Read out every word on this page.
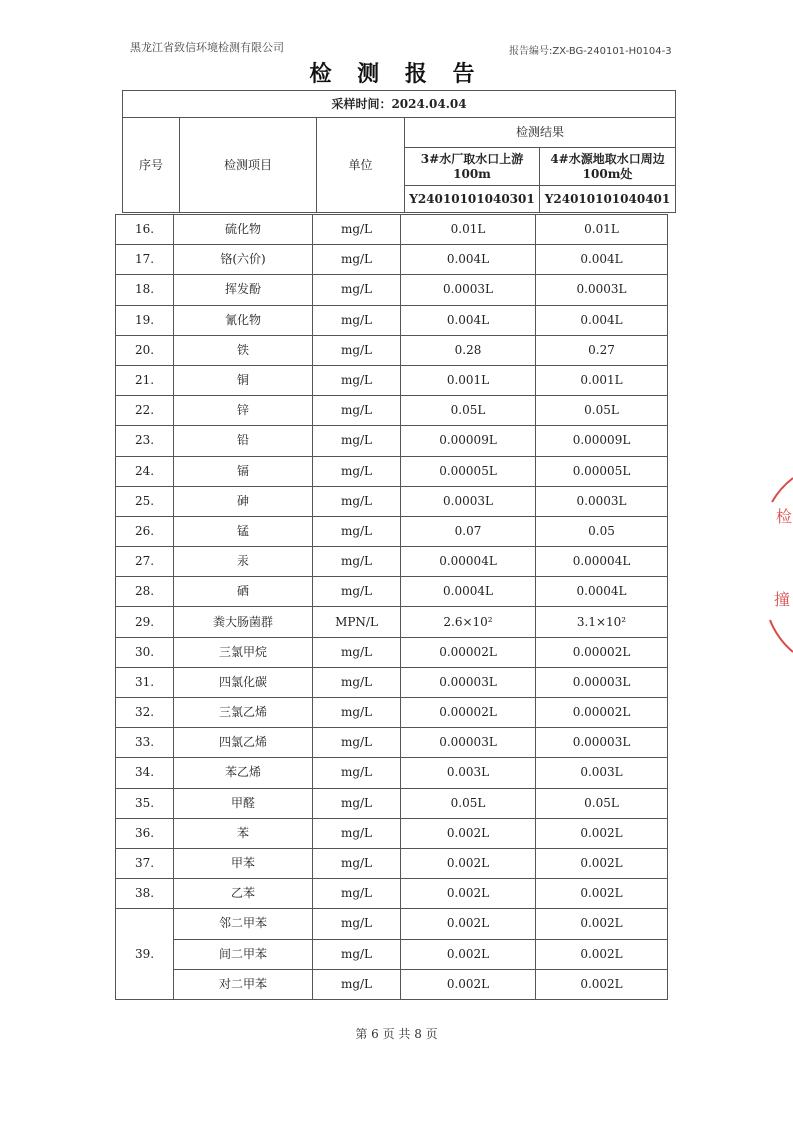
黑龙江省致信环境检测有限公司	报告编号:ZX-BG-240101-H0104-3
检 测 报 告
采样时间：2024.04.04				
序号	检测项目	单位	检测结果	
			3#水厂取水口上游100m	4#水源地取水口周边100m处
			Y24010101040301	Y24010101040401
16.	硫化物	mg/L	0.01L	0.01L
17.	铬(六价)	mg/L	0.004L	0.004L
18.	挥发酚	mg/L	0.0003L	0.0003L
19.	氰化物	mg/L	0.004L	0.004L
20.	铁	mg/L	0.28	0.27
21.	铜	mg/L	0.001L	0.001L
22.	锌	mg/L	0.05L	0.05L
23.	铅	mg/L	0.00009L	0.00009L
24.	镉	mg/L	0.00005L	0.00005L
25.	砷	mg/L	0.0003L	0.0003L
26.	锰	mg/L	0.07	0.05
27.	汞	mg/L	0.00004L	0.00004L
28.	硒	mg/L	0.0004L	0.0004L
29.	粪大肠菌群	MPN/L	2.6×10²	3.1×10²
30.	三氯甲烷	mg/L	0.00002L	0.00002L
31.	四氯化碳	mg/L	0.00003L	0.00003L
32.	三氯乙烯	mg/L	0.00002L	0.00002L
33.	四氯乙烯	mg/L	0.00003L	0.00003L
34.	苯乙烯	mg/L	0.003L	0.003L
35.	甲醛	mg/L	0.05L	0.05L
36.	苯	mg/L	0.002L	0.002L
37.	甲苯	mg/L	0.002L	0.002L
38.	乙苯	mg/L	0.002L	0.002L
39.	邻二甲苯	mg/L	0.002L	0.002L
	间二甲苯	mg/L	0.002L	0.002L
	对二甲苯	mg/L	0.002L	0.002L
第 6 页 共 8 页
检
撞
